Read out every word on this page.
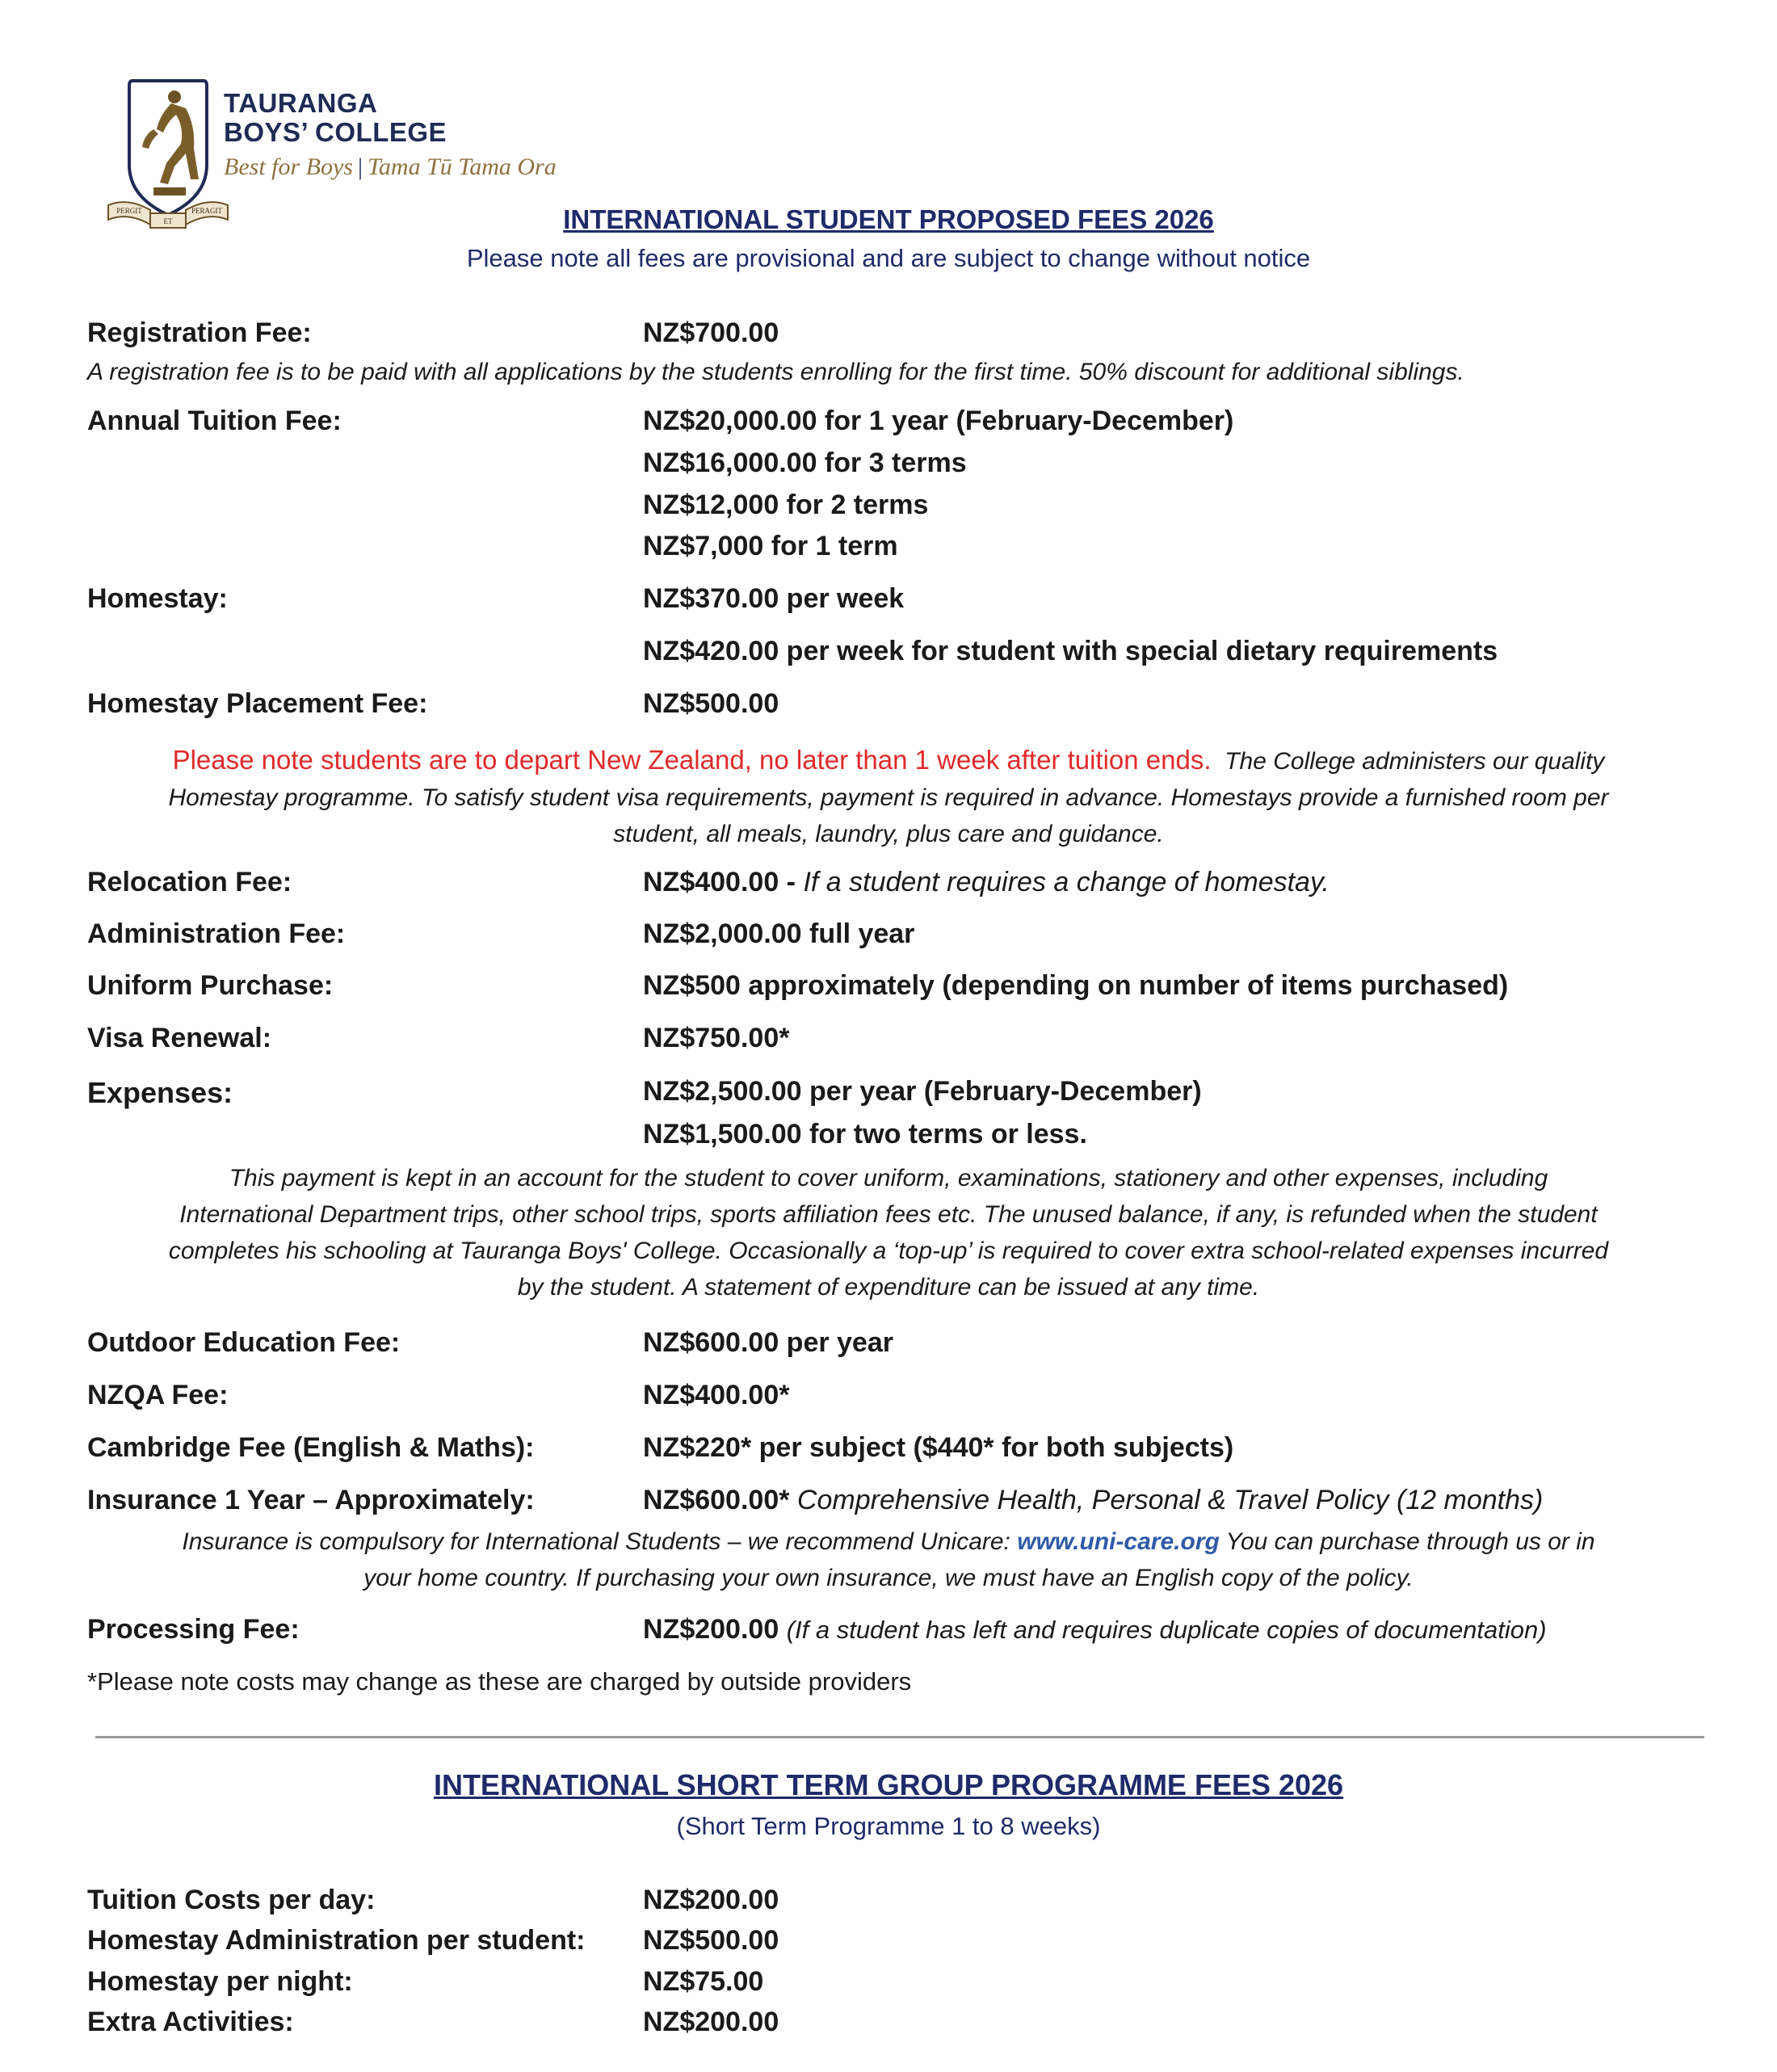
PERGIT
ET
PERAGIT
TAURANGA
BOYS’ COLLEGE
Best for Boys | Tama Tū Tama Ora
INTERNATIONAL STUDENT PROPOSED FEES 2026
Please note all fees are provisional and are subject to change without notice
Registration Fee:	NZ$700.00
A registration fee is to be paid with all applications by the students enrolling for the first time. 50% discount for additional siblings.
Annual Tuition Fee:	NZ$20,000.00 for 1 year (February-December)
NZ$16,000.00 for 3 terms
NZ$12,000 for 2 terms
NZ$7,000 for 1 term
Homestay:	NZ$370.00 per week
NZ$420.00 per week for student with special dietary requirements
Homestay Placement Fee:	NZ$500.00
Please note students are to depart New Zealand, no later than 1 week after tuition ends. The College administers our quality
Homestay programme. To satisfy student visa requirements, payment is required in advance. Homestays provide a furnished room per
student, all meals, laundry, plus care and guidance.
Relocation Fee:	NZ$400.00 - If a student requires a change of homestay.
Administration Fee:	NZ$2,000.00 full year
Uniform Purchase:	NZ$500 approximately (depending on number of items purchased)
Visa Renewal:	NZ$750.00*
Expenses:	NZ$2,500.00 per year (February-December)
NZ$1,500.00 for two terms or less.
This payment is kept in an account for the student to cover uniform, examinations, stationery and other expenses, including
International Department trips, other school trips, sports affiliation fees etc. The unused balance, if any, is refunded when the student
completes his schooling at Tauranga Boys' College. Occasionally a ‘top-up’ is required to cover extra school-related expenses incurred
by the student. A statement of expenditure can be issued at any time.
Outdoor Education Fee:	NZ$600.00 per year
NZQA Fee:	NZ$400.00*
Cambridge Fee (English & Maths):	NZ$220* per subject ($440* for both subjects)
Insurance 1 Year – Approximately:	NZ$600.00* Comprehensive Health, Personal & Travel Policy (12 months)
Insurance is compulsory for International Students – we recommend Unicare: www.uni-care.org You can purchase through us or in
your home country. If purchasing your own insurance, we must have an English copy of the policy.
Processing Fee:	NZ$200.00 (If a student has left and requires duplicate copies of documentation)
*Please note costs may change as these are charged by outside providers
INTERNATIONAL SHORT TERM GROUP PROGRAMME FEES 2026
(Short Term Programme 1 to 8 weeks)
Tuition Costs per day:	NZ$200.00
Homestay Administration per student: NZ$500.00
Homestay per night:	NZ$75.00
Extra Activities:	NZ$200.00
